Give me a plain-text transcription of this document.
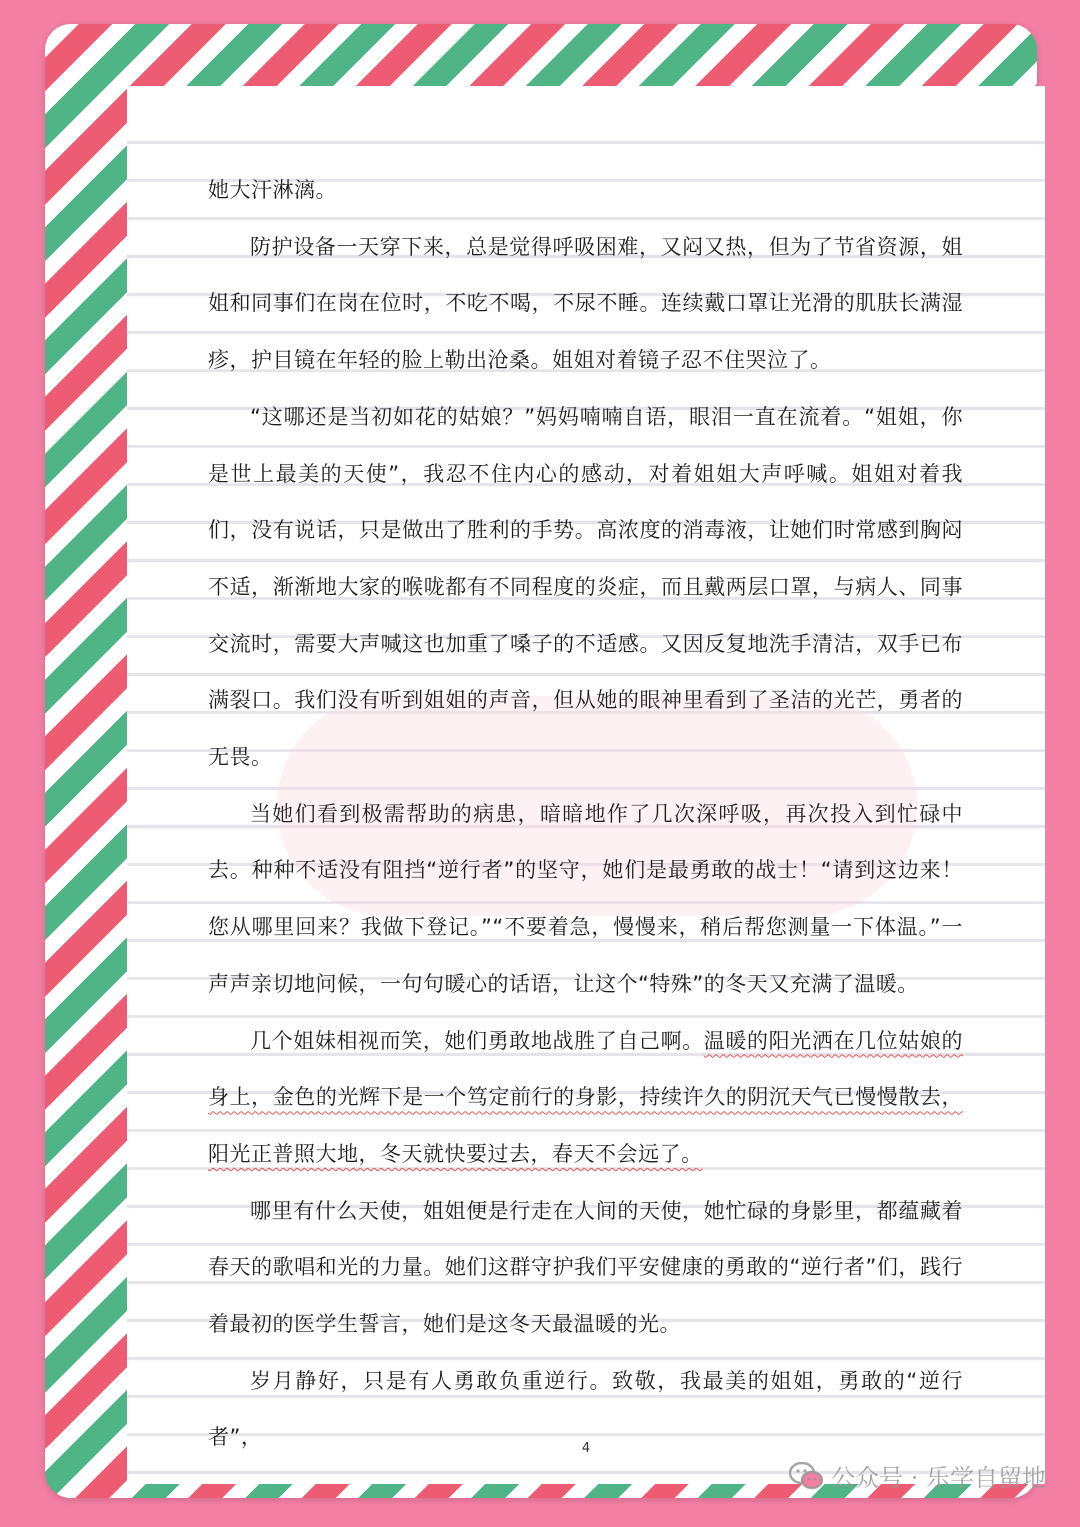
她大汗淋漓。

防护设备一天穿下来，总是觉得呼吸困难，又闷又热，但为了节省资源，姐姐和同事们在岗在位时，不吃不喝，不尿不睡。连续戴口罩让光滑的肌肤长满湿疹，护目镜在年轻的脸上勒出沧桑。姐姐对着镜子忍不住哭泣了。

“这哪还是当初如花的姑娘？”妈妈喃喃自语，眼泪一直在流着。“姐姐，你是世上最美的天使”，我忍不住内心的感动，对着姐姐大声呼喊。姐姐对着我们，没有说话，只是做出了胜利的手势。高浓度的消毒液，让她们时常感到胸闷不适，渐渐地大家的喉咙都有不同程度的炎症，而且戴两层口罩，与病人、同事交流时，需要大声喊这也加重了嗓子的不适感。又因反复地洗手清洁，双手已布满裂口。我们没有听到姐姐的声音，但从她的眼神里看到了圣洁的光芒，勇者的无畏。

当她们看到极需帮助的病患，暗暗地作了几次深呼吸，再次投入到忙碌中去。种种不适没有阻挡“逆行者”的坚守，她们是最勇敢的战士！“请到这边来！您从哪里回来？我做下登记。”“不要着急，慢慢来，稍后帮您测量一下体温。”一声声亲切地问候，一句句暖心的话语，让这个“特殊”的冬天又充满了温暖。

几个姐妹相视而笑，她们勇敢地战胜了自己啊。温暖的阳光洒在几位姑娘的身上，金色的光辉下是一个笃定前行的身影，持续许久的阴沉天气已慢慢散去，阳光正普照大地，冬天就快要过去，春天不会远了。

哪里有什么天使，姐姐便是行走在人间的天使，她忙碌的身影里，都蕴藏着春天的歌唱和光的力量。她们这群守护我们平安健康的勇敢的“逆行者”们，践行着最初的医学生誓言，她们是这冬天最温暖的光。

岁月静好，只是有人勇敢负重逆行。致敬，我最美的姐姐，勇敢的“逆行者”，	4
公众号 · 乐学自留地
